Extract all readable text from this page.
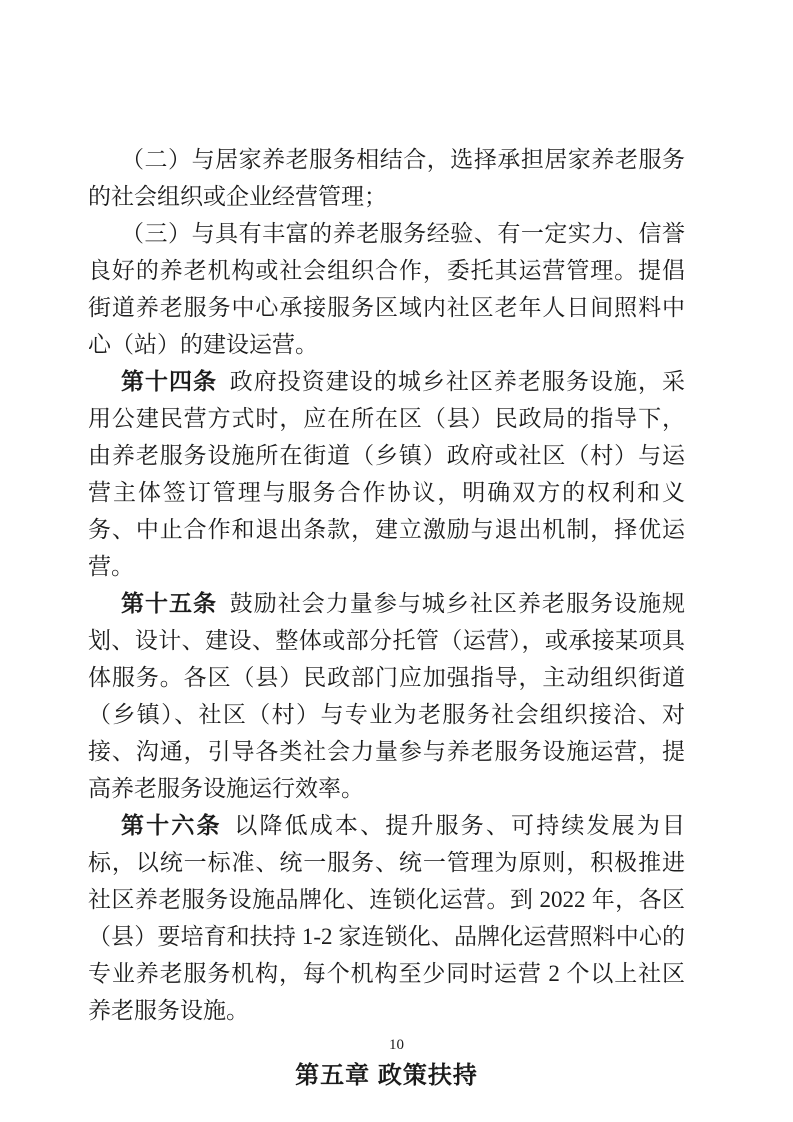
（二）与居家养老服务相结合，选择承担居家养老服务的社会组织或企业经营管理；

（三）与具有丰富的养老服务经验、有一定实力、信誉良好的养老机构或社会组织合作，委托其运营管理。提倡街道养老服务中心承接服务区域内社区老年人日间照料中心（站）的建设运营。

第十四条 政府投资建设的城乡社区养老服务设施，采用公建民营方式时，应在所在区（县）民政局的指导下，由养老服务设施所在街道（乡镇）政府或社区（村）与运营主体签订管理与服务合作协议，明确双方的权利和义务、中止合作和退出条款，建立激励与退出机制，择优运营。

第十五条 鼓励社会力量参与城乡社区养老服务设施规划、设计、建设、整体或部分托管（运营），或承接某项具体服务。各区（县）民政部门应加强指导，主动组织街道（乡镇）、社区（村）与专业为老服务社会组织接洽、对接、沟通，引导各类社会力量参与养老服务设施运营，提高养老服务设施运行效率。

第十六条 以降低成本、提升服务、可持续发展为目标，以统一标准、统一服务、统一管理为原则，积极推进社区养老服务设施品牌化、连锁化运营。到 2022 年，各区（县）要培育和扶持 1-2 家连锁化、品牌化运营照料中心的专业养老服务机构，每个机构至少同时运营 2 个以上社区养老服务设施。

第五章 政策扶持
10
